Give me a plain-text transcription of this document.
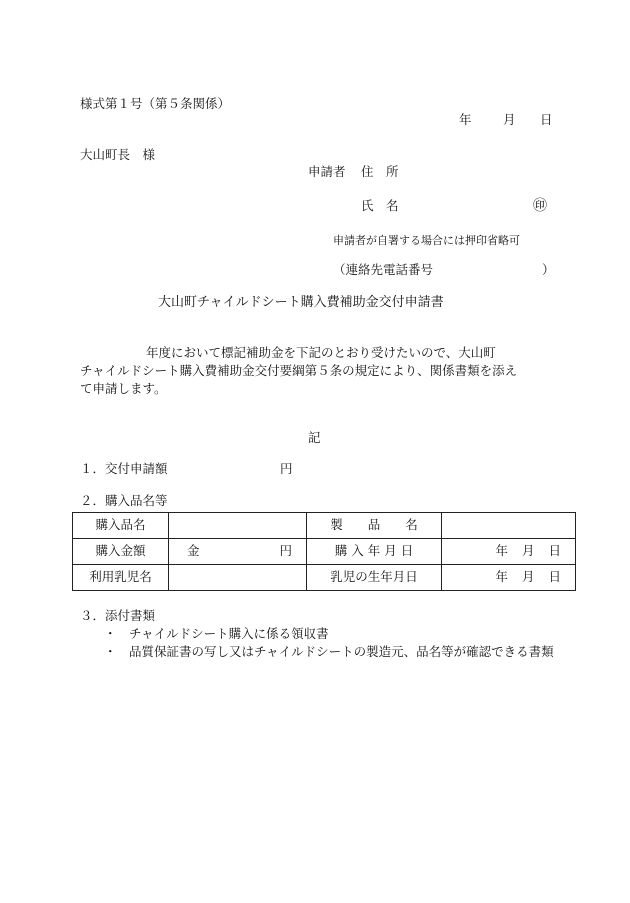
様式第１号（第５条関係）
年	月 日
大山町長　様
申請者 住　所
氏　名	㊞
申請者が自署する場合には押印省略可
（連絡先電話番号	）
大山町チャイルドシート購入費補助金交付申請書
年度において標記補助金を下記のとおり受けたいので、大山町
チャイルドシート購入費補助金交付要綱第５条の規定により、関係書類を添え
て申請します。
記
１．交付申請額	円
２．購入品名等
購入品名		製　　品　　名	
購入金額	金 円	購 入 年 月 日	年 月 日

利用乳児名		乳児の生年月日	年 月 日
３．添付書類
・　チャイルドシート購入に係る領収書
・　品質保証書の写し又はチャイルドシートの製造元、品名等が確認できる書類
